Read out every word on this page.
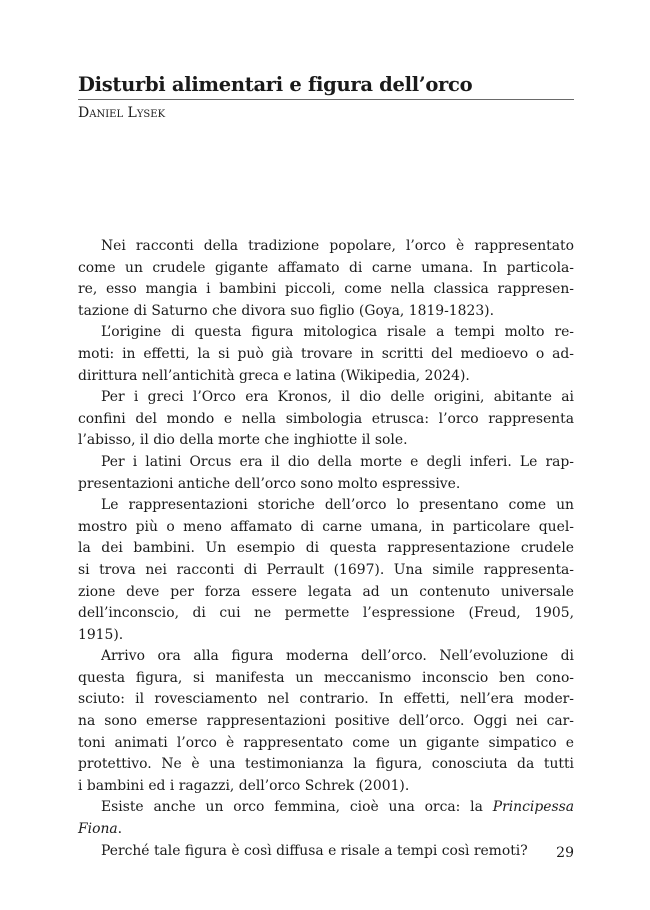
Disturbi alimentari e figura dell’orco
Daniel Lysek
Nei racconti della tradizione popolare, l’orco è rappresentato
come un crudele gigante affamato di carne umana. In particola-
re, esso mangia i bambini piccoli, come nella classica rappresen-
tazione di Saturno che divora suo figlio (Goya, 1819-1823).
L’origine di questa figura mitologica risale a tempi molto re-
moti: in effetti, la si può già trovare in scritti del medioevo o ad-
dirittura nell’antichità greca e latina (Wikipedia, 2024).
Per i greci l’Orco era Kronos, il dio delle origini, abitante ai
confini del mondo e nella simbologia etrusca: l’orco rappresenta
l’abisso, il dio della morte che inghiotte il sole.
Per i latini Orcus era il dio della morte e degli inferi. Le rap-
presentazioni antiche dell’orco sono molto espressive.
Le rappresentazioni storiche dell’orco lo presentano come un
mostro più o meno affamato di carne umana, in particolare quel-
la dei bambini. Un esempio di questa rappresentazione crudele
si trova nei racconti di Perrault (1697). Una simile rappresenta-
zione deve per forza essere legata ad un contenuto universale
dell’inconscio, di cui ne permette l’espressione (Freud, 1905,
1915).
Arrivo ora alla figura moderna dell’orco. Nell’evoluzione di
questa figura, si manifesta un meccanismo inconscio ben cono-
sciuto: il rovesciamento nel contrario. In effetti, nell’era moder-
na sono emerse rappresentazioni positive dell’orco. Oggi nei car-
toni animati l’orco è rappresentato come un gigante simpatico e
protettivo. Ne è una testimonianza la figura, conosciuta da tutti
i bambini ed i ragazzi, dell’orco Schrek (2001).
Esiste anche un orco femmina, cioè una orca: la Principessa
Fiona.
Perché tale figura è così diffusa e risale a tempi così remoti?	29
